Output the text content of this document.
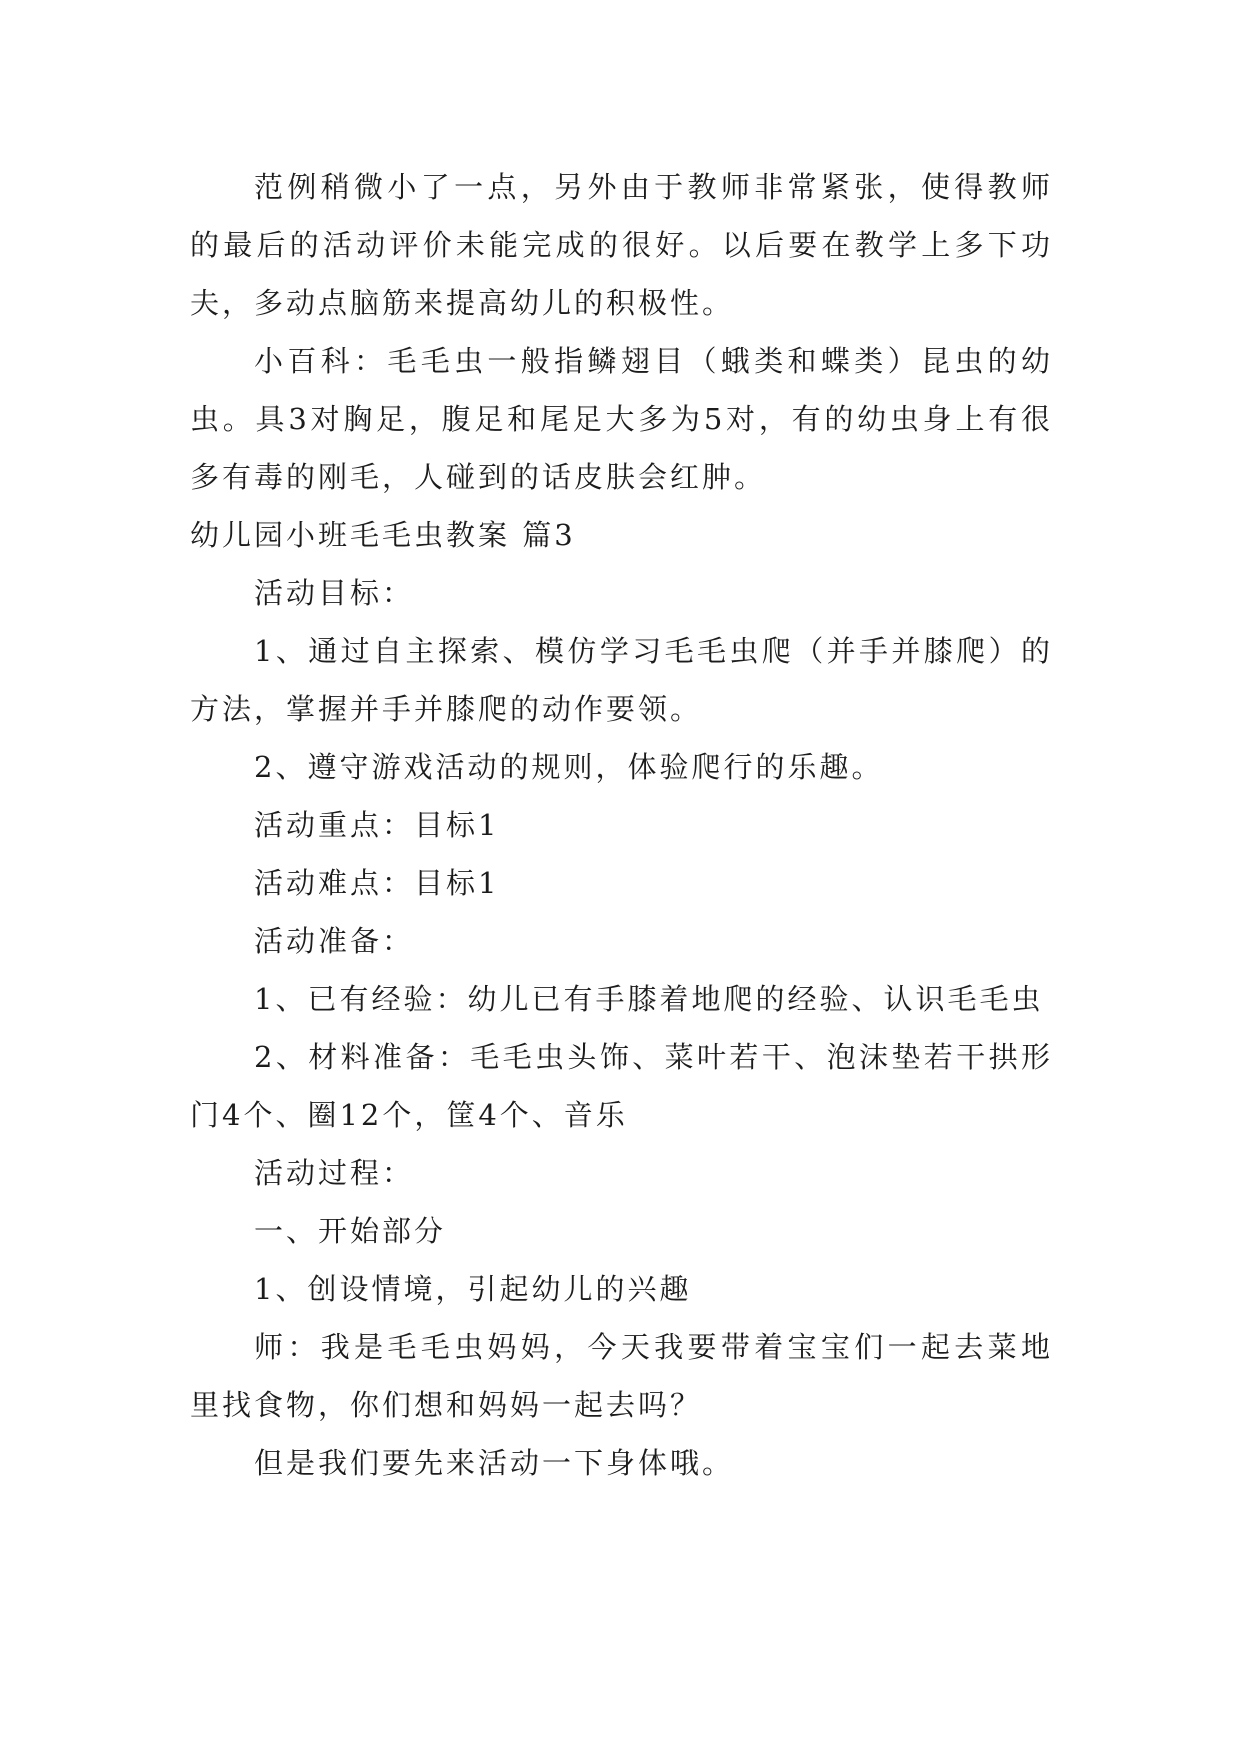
范例稍微小了一点，另外由于教师非常紧张，使得教师的最后的活动评价未能完成的很好。以后要在教学上多下功夫，多动点脑筋来提高幼儿的积极性。

小百科：毛毛虫一般指鳞翅目（蛾类和蝶类）昆虫的幼虫。具3对胸足，腹足和尾足大多为5对，有的幼虫身上有很多有毒的刚毛，人碰到的话皮肤会红肿。

幼儿园小班毛毛虫教案 篇3

活动目标：

1、通过自主探索、模仿学习毛毛虫爬（并手并膝爬）的方法，掌握并手并膝爬的动作要领。

2、遵守游戏活动的规则，体验爬行的乐趣。

活动重点：目标1

活动难点：目标1

活动准备：

1、已有经验：幼儿已有手膝着地爬的经验、认识毛毛虫

2、材料准备：毛毛虫头饰、菜叶若干、泡沫垫若干拱形门4个、圈12个，筐4个、音乐

活动过程：

一、开始部分

1、创设情境，引起幼儿的兴趣

师：我是毛毛虫妈妈，今天我要带着宝宝们一起去菜地里找食物，你们想和妈妈一起去吗？

但是我们要先来活动一下身体哦。
